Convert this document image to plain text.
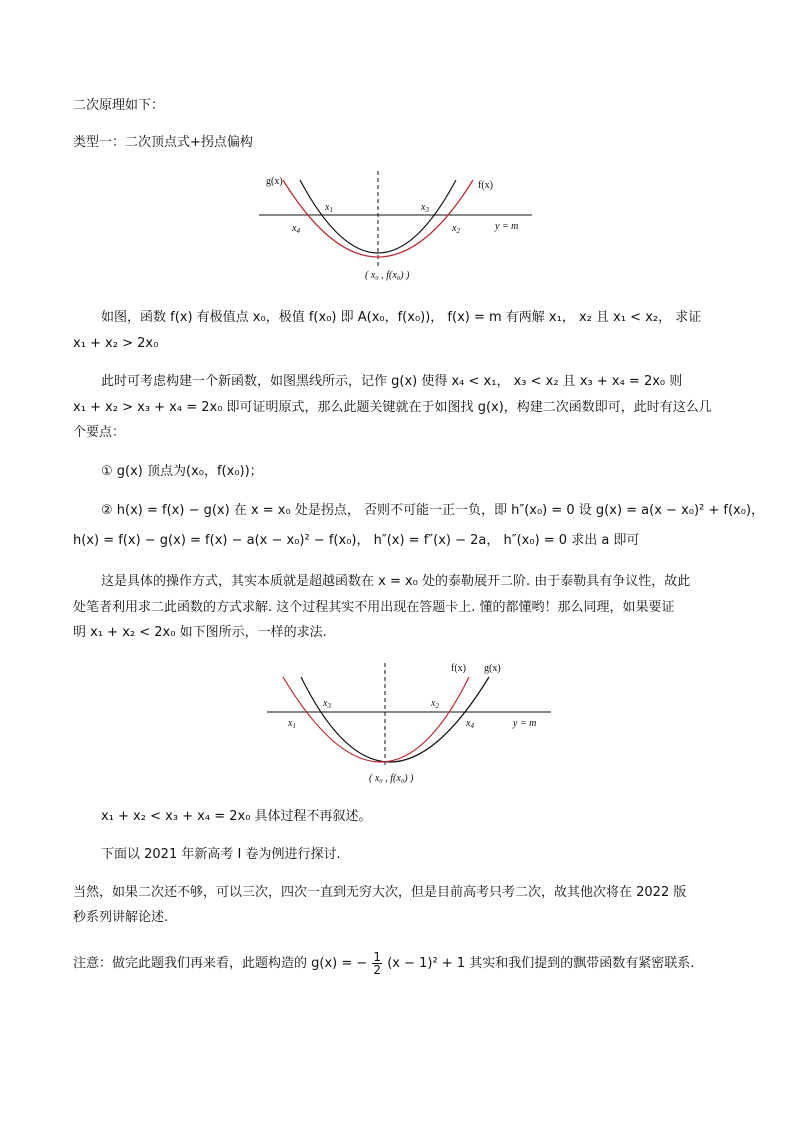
二次原理如下：
类型一：二次顶点式+拐点偏构
g(x)	f(x)
$x_1$	$x_3$
$x_4$	$x_2$	y = m
( x₀ , f(x₀) )
如图，函数 f(x) 有极值点 x₀，极值 f(x₀) 即 A(x₀，f(x₀))， f(x) = m 有两解 x₁， x₂ 且 x₁ < x₂， 求证
x₁ + x₂ > 2x₀
此时可考虑构建一个新函数，如图黑线所示，记作 g(x) 使得 x₄ < x₁， x₃ < x₂ 且 x₃ + x₄ = 2x₀ 则
x₁ + x₂ > x₃ + x₄ = 2x₀ 即可证明原式，那么此题关键就在于如图找 g(x)，构建二次函数即可，此时有这么几
个要点：
① g(x) 顶点为(x₀，f(x₀))；
② h(x) = f(x) − g(x) 在 x = x₀ 处是拐点， 否则不可能一正一负，即 h″(x₀) = 0 设 g(x) = a(x − x₀)² + f(x₀)，
h(x) = f(x) − g(x) = f(x) − a(x − x₀)² − f(x₀)， h″(x) = f″(x) − 2a， h″(x₀) = 0 求出 a 即可
这是具体的操作方式，其实本质就是超越函数在 x = x₀ 处的泰勒展开二阶. 由于泰勒具有争议性，故此
处笔者利用求二此函数的方式求解. 这个过程其实不用出现在答题卡上. 懂的都懂哟！那么同理，如果要证
明 x₁ + x₂ < 2x₀ 如下图所示，一样的求法.
f(x) g(x)
$x_3$	$x_2$
$x_1$	$x_4$	y = m
( x₀ , f(x₀) )
x₁ + x₂ < x₃ + x₄ = 2x₀ 具体过程不再叙述。
下面以 2021 年新高考 I 卷为例进行探讨.
当然，如果二次还不够，可以三次，四次一直到无穷大次，但是目前高考只考二次，故其他次将在 2022 版
秒系列讲解论述.
注意：做完此题我们再来看，此题构造的 g(x) = − $\frac{1}{2} (x - 1)^2 + 1$ 其实和我们提到的飘带函数有紧密联系.
